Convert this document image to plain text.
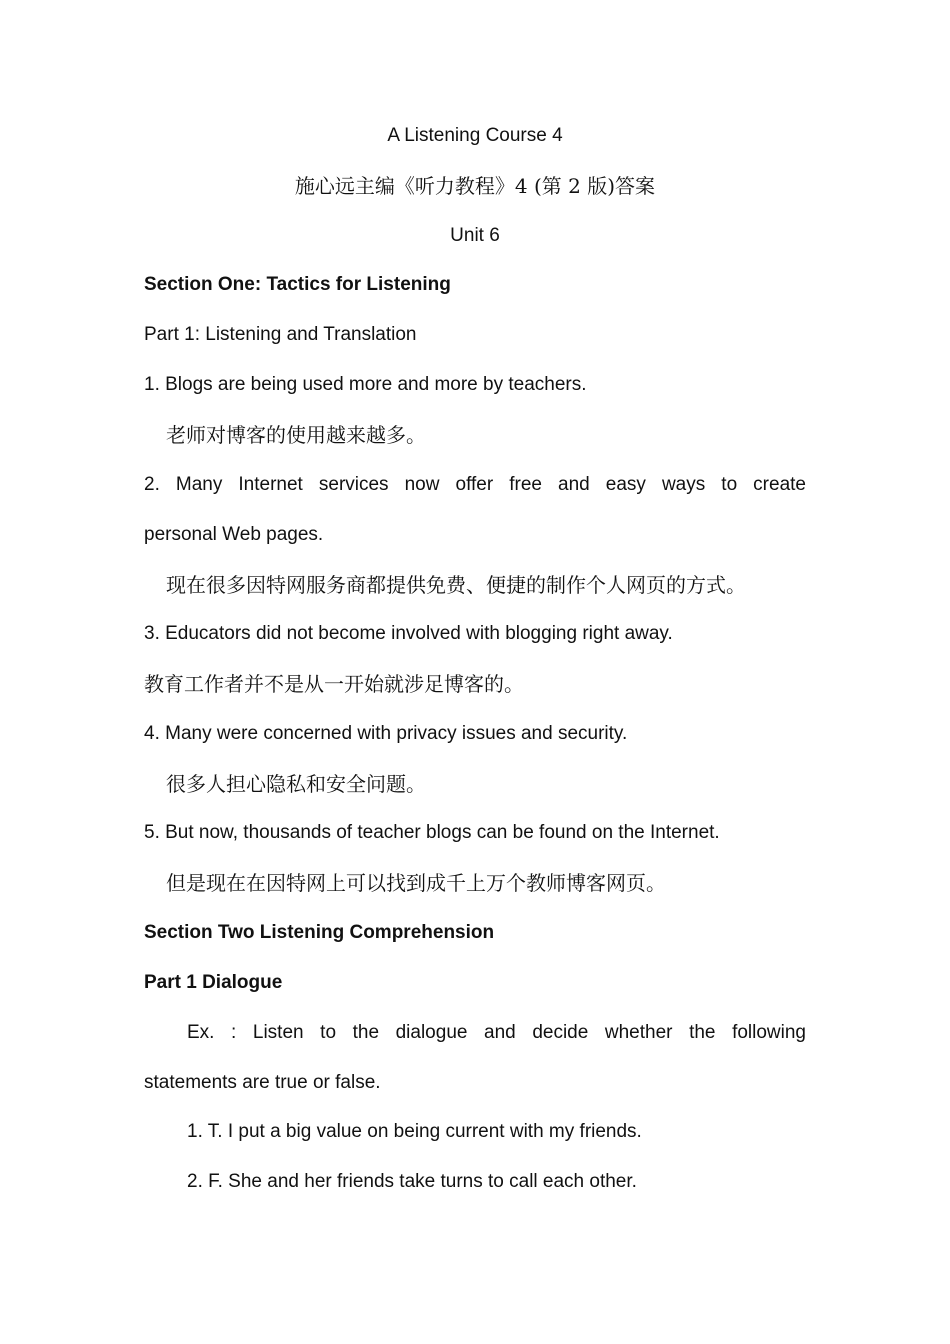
A Listening Course 4
施心远主编《听力教程》4 (第 2 版)答案
Unit 6
Section One: Tactics for Listening
Part 1: Listening and Translation
1. Blogs are being used more and more by teachers.
老师对博客的使用越来越多。
2. Many Internet services now offer free and easy ways to create
personal Web pages.
现在很多因特网服务商都提供免费、便捷的制作个人网页的方式。
3. Educators did not become involved with blogging right away.
教育工作者并不是从一开始就涉足博客的。
4. Many were concerned with privacy issues and security.
很多人担心隐私和安全问题。
5. But now, thousands of teacher blogs can be found on the Internet.
但是现在在因特网上可以找到成千上万个教师博客网页。
Section Two Listening Comprehension
Part 1 Dialogue
Ex. : Listen to the dialogue and decide whether the following
statements are true or false.
1. T. I put a big value on being current with my friends.
2. F. She and her friends take turns to call each other.
